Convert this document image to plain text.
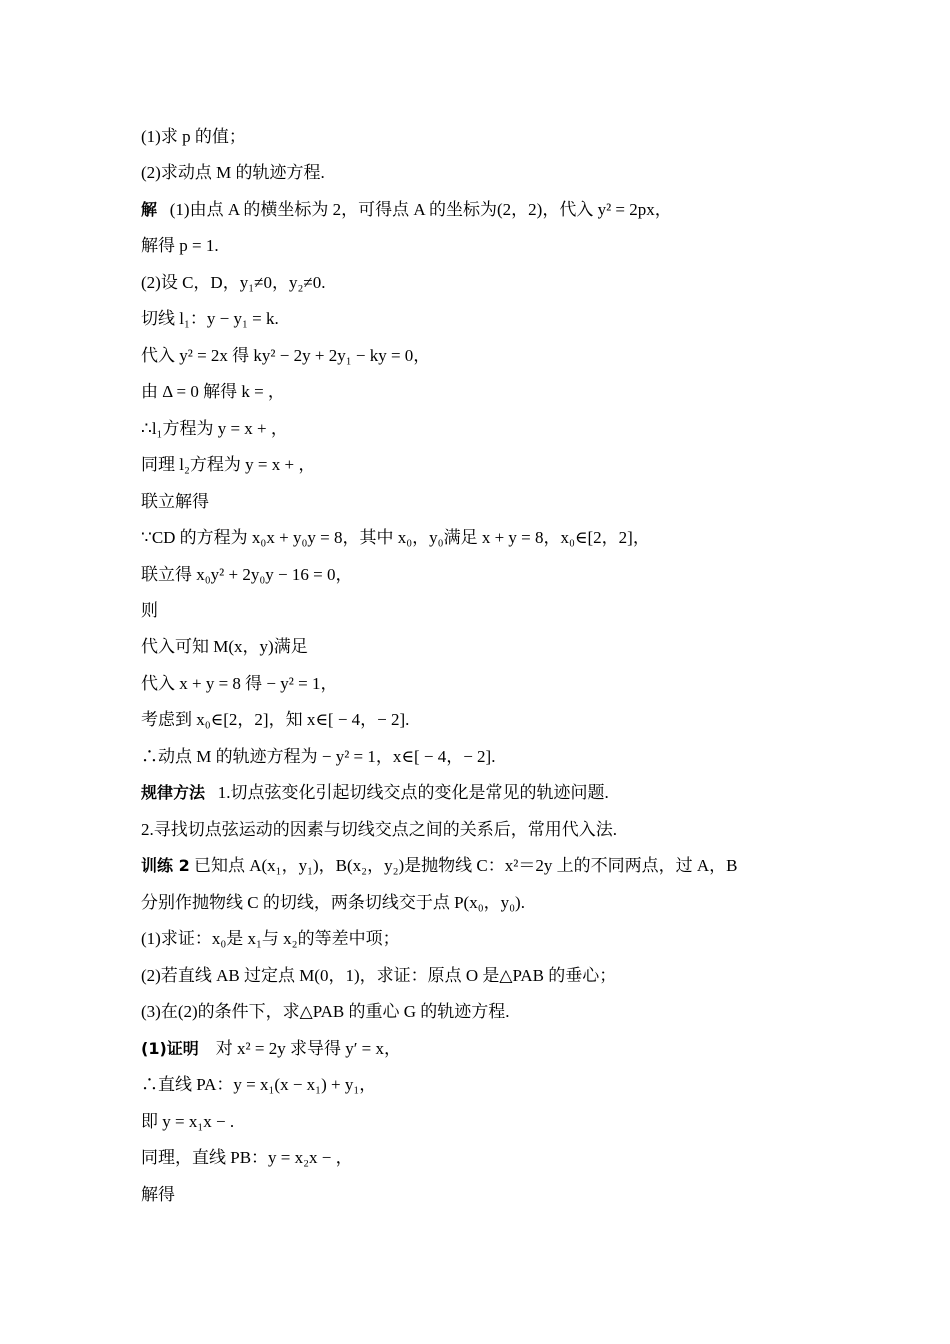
(1)求 p 的值；
(2)求动点 M 的轨迹方程.
解 (1)由点 A 的横坐标为 2，可得点 A 的坐标为(2，2)，代入 y² = 2px，
解得 p = 1.
(2)设 C，D，y₁≠0，y₂≠0.
切线 l₁：y − y₁ = k.
代入 y² = 2x 得 ky² − 2y + 2y₁ − ky = 0，
由 Δ = 0 解得 k = ，
∴l₁方程为 y = x + ，
同理 l₂方程为 y = x + ，
联立解得
∵CD 的方程为 x₀x + y₀y = 8，其中 x₀，y₀满足 x + y = 8，x₀∈[2，2]，
联立得 x₀y² + 2y₀y − 16 = 0，
则
代入可知 M(x，y)满足
代入 x + y = 8 得 − y² = 1，
考虑到 x₀∈[2，2]，知 x∈[ − 4，− 2].
∴动点 M 的轨迹方程为 − y² = 1，x∈[ − 4，− 2].
规律方法 1.切点弦变化引起切线交点的变化是常见的轨迹问题.
2.寻找切点弦运动的因素与切线交点之间的关系后，常用代入法.
训练 2 已知点 A(x₁，y₁)，B(x₂，y₂)是抛物线 C：x²＝2y 上的不同两点，过 A，B
分别作抛物线 C 的切线，两条切线交于点 P(x₀，y₀).
(1)求证：x₀是 x₁与 x₂的等差中项；
(2)若直线 AB 过定点 M(0，1)，求证：原点 O 是△PAB 的垂心；
(3)在(2)的条件下，求△PAB 的重心 G 的轨迹方程.
(1)证明 对 x² = 2y 求导得 y′ = x，
∴直线 PA：y = x₁(x − x₁) + y₁，
即 y = x₁x − .
同理，直线 PB：y = x₂x − ，
解得
